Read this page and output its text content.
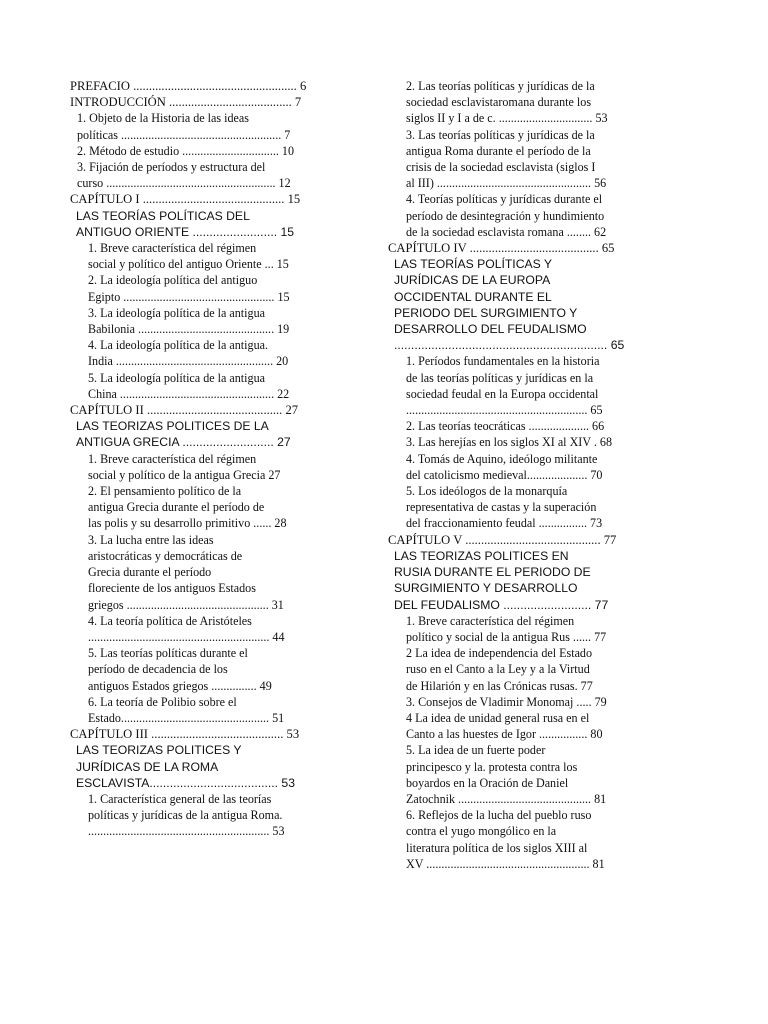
PREFACIO .................................................... 6
INTRODUCCIÓN ....................................... 7
1. Objeto de la Historia de las ideas
políticas ..................................................... 7
2. Método de estudio ................................ 10
3. Fijación de períodos y estructura del
curso ........................................................ 12
CAPÍTULO I ............................................. 15
LAS TEORÍAS POLÍTICAS DEL
ANTIGUO ORIENTE ......................... 15
1. Breve característica del régimen
social y político del antiguo Oriente ... 15
2. La ideología política del antiguo
Egipto .................................................. 15
3. La ideología política de la antigua
Babilonia ............................................. 19
4. La ideología política de la antigua.
India .................................................... 20
5. La ideología política de la antigua
China ................................................... 22
CAPÍTULO II ........................................... 27
LAS TEORIZAS POLITICES DE LA
ANTIGUA GRECIA ........................... 27
1. Breve característica del régimen
social y político de la antigua Grecia 27
2. El pensamiento político de la
antigua Grecia durante el período de
las polis y su desarrollo primitivo ...... 28
3. La lucha entre las ideas
aristocráticas y democráticas de
Grecia durante el período
floreciente de los antiguos Estados
griegos ............................................... 31
4. La teoría política de Aristóteles
............................................................ 44
5. Las teorías políticas durante el
período de decadencia de los
antiguos Estados griegos ............... 49
6. La teoría de Polibio sobre el
Estado................................................. 51
CAPÍTULO III .......................................... 53
LAS TEORIZAS POLITICES Y
JURÍDICAS DE LA ROMA
ESCLAVISTA...................................... 53
1. Característica general de las teorías
políticas y jurídicas de la antigua Roma.
............................................................ 53
2. Las teorías políticas y jurídicas de la
sociedad esclavistaromana durante los
siglos II y I a de c. ............................... 53
3. Las teorías políticas y jurídicas de la
antigua Roma durante el período de la
crisis de la sociedad esclavista (siglos I
al III) ................................................... 56
4. Teorías políticas y jurídicas durante el
período de desintegración y hundimiento
de la sociedad esclavista romana ........ 62
CAPÍTULO IV ......................................... 65
LAS TEORÍAS POLÍTICAS Y
JURÍDICAS DE LA EUROPA
OCCIDENTAL DURANTE EL
PERIODO DEL SURGIMIENTO Y
DESARROLLO DEL FEUDALISMO
............................................................... 65
1. Períodos fundamentales en la historia
de las teorías políticas y jurídicas en la
sociedad feudal en la Europa occidental
............................................................ 65
2. Las teorías teocráticas .................... 66
3. Las herejías en los siglos XI al XIV . 68
4. Tomás de Aquino, ideólogo militante
del catolicismo medieval.................... 70
5. Los ideólogos de la monarquía
representativa de castas y la superación
del fraccionamiento feudal ................ 73
CAPÍTULO V ........................................... 77
LAS TEORIZAS POLITICES EN
RUSIA DURANTE EL PERIODO DE
SURGIMIENTO Y DESARROLLO
DEL FEUDALISMO .......................... 77
1. Breve característica del régimen
político y social de la antigua Rus ...... 77
2 La idea de independencia del Estado
ruso en el Canto a la Ley y a la Virtud
de Hilarión y en las Crónicas rusas. 77
3. Consejos de Vladimir Monomaj ..... 79
4 La idea de unidad general rusa en el
Canto a las huestes de Igor ................ 80
5. La idea de un fuerte poder
principesco y la. protesta contra los
boyardos en la Oración de Daniel
Zatochnik ............................................ 81
6. Reflejos de la lucha del pueblo ruso
contra el yugo mongólico en la
literatura política de los siglos XIII al
XV ...................................................... 81
